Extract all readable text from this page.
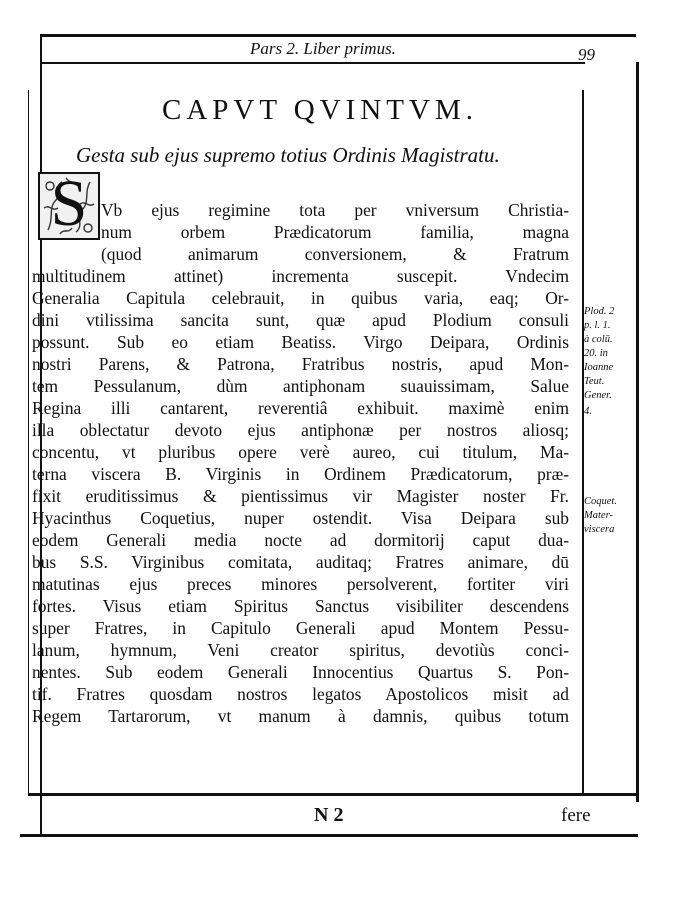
Pars 2. Liber primus.	99
CAPVT QVINTVM.
Gesta sub ejus supremo totius Ordinis Magistratu.
S Vb ejus regimine tota per vniversum Christia-
num orbem Prædicatorum familia, magna
(quod animarum conversionem, & Fratrum
multitudinem attinet) incrementa suscepit. Vndecim
Generalia Capitula celebrauit, in quibus varia, eaq; Or-
dini vtilissima sancita sunt, quæ apud Plodium consuli
possunt. Sub eo etiam Beatiss. Virgo Deipara, Ordinis
nostri Parens, & Patrona, Fratribus nostris, apud Mon-
tem Pessulanum, dùm antiphonam suauissimam, Salue
Regina illi cantarent, reverentiâ exhibuit. maximè enim
illa oblectatur devoto ejus antiphonæ per nostros aliosq;
concentu, vt pluribus opere verè aureo, cui titulum, Ma-
terna viscera B. Virginis in Ordinem Prædicatorum, præ-
fixit eruditissimus & pientissimus vir Magister noster Fr.
Hyacinthus Coquetius, nuper ostendit. Visa Deipara sub
eodem Generali media nocte ad dormitorij caput dua-
bus S.S. Virginibus comitata, auditaq; Fratres animare, dū
matutinas ejus preces minores persolverent, fortiter viri
fortes. Visus etiam Spiritus Sanctus visibiliter descendens
super Fratres, in Capitulo Generali apud Montem Pessu-
lanum, hymnum, Veni creator spiritus, devotiùs conci-
nentes. Sub eodem Generali Innocentius Quartus S. Pon-
tif. Fratres quosdam nostros legatos Apostolicos misit ad
Regem Tartarorum, vt manum à damnis, quibus totum
Plod. 2
p. l. 1.
à colū.
20. in
Ioanne
Teut.
Gener.
4.
Coquet.
Mater-
viscera
N 2	fere
